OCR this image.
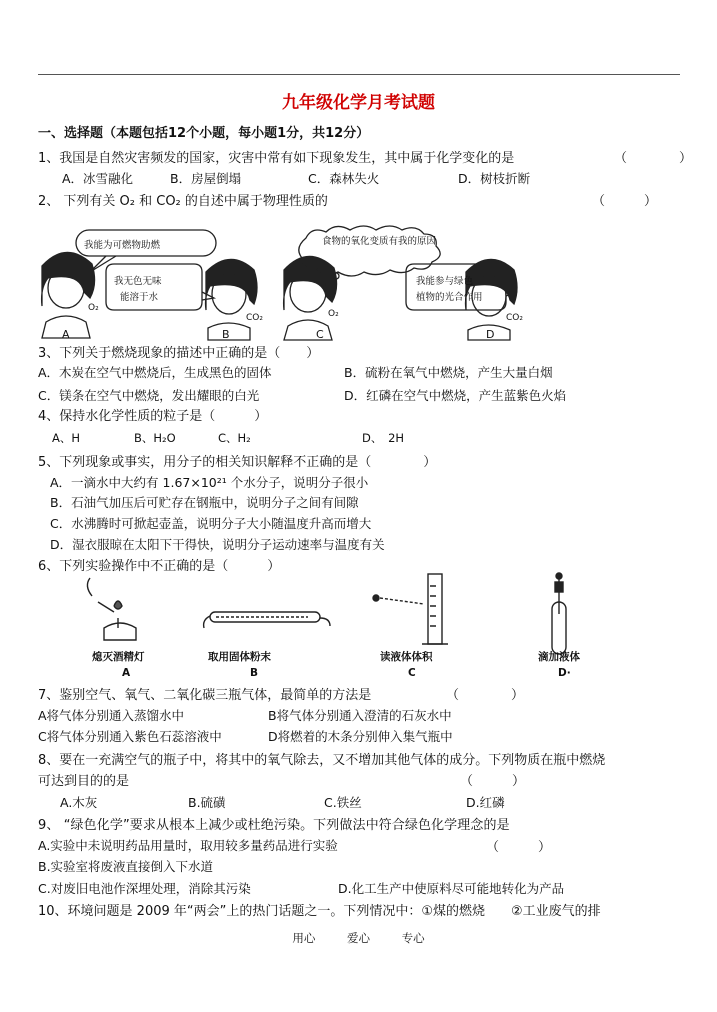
九年级化学月考试题
一、选择题（本题包括12个小题，每小题1分，共12分）
1、我国是自然灾害频发的国家，灾害中常有如下现象发生，其中属于化学变化的是	（　　　　）
A．冰雪融化	B．房屋倒塌	C．森林失火	D．树枝折断
2、 下列有关 O₂ 和 CO₂ 的自述中属于物理性质的	（　　　）
我能为可燃物助燃
我无色无味
能溶于水
食物的氧化变质有我的原因
我能参与绿色
植物的光合作用
O₂
CO₂	O₂	CO₂
A	B	C	D
3、下列关于燃烧现象的描述中正确的是（　　）
A．木炭在空气中燃烧后，生成黑色的固体	B．硫粉在氧气中燃烧，产生大量白烟
C．镁条在空气中燃烧，发出耀眼的白光	D．红磷在空气中燃烧，产生蓝紫色火焰
4、保持水化学性质的粒子是（　　　）
A、H	B、H₂O	C、H₂	D、　2H
5、下列现象或事实，用分子的相关知识解释不正确的是（　　　　）
A．一滴水中大约有 1.67×10²¹ 个水分子，说明分子很小
B．石油气加压后可贮存在钢瓶中，说明分子之间有间隙
C．水沸腾时可掀起壶盖，说明分子大小随温度升高而增大
D．湿衣服晾在太阳下干得快，说明分子运动速率与温度有关
6、下列实验操作中不正确的是（　　　）
熄灭酒精灯	取用固体粉末	读液体体积	滴加液体
A	B	C	D·
7、鉴别空气、氧气、二氧化碳三瓶气体，最简单的方法是	（　　　　）
A将气体分别通入蒸馏水中	B将气体分别通入澄清的石灰水中
C将气体分别通入紫色石蕊溶液中	D将燃着的木条分别伸入集气瓶中
8、要在一充满空气的瓶子中，将其中的氧气除去，又不增加其他气体的成分。下列物质在瓶中燃烧
可达到目的的是	（　　　）
A.木灰	B.硫磺	C.铁丝	D.红磷
9、 “绿色化学”要求从根本上减少或杜绝污染。下列做法中符合绿色化学理念的是
A.实验中未说明药品用量时，取用较多量药品进行实验	（　　　）
B.实验室将废液直接倒入下水道
C.对废旧电池作深埋处理，消除其污染	D.化工生产中使原料尽可能地转化为产品
10、环境问题是 2009 年“两会”上的热门话题之一。下列情况中：①煤的燃烧　　②工业废气的排
用心	爱心	专心
